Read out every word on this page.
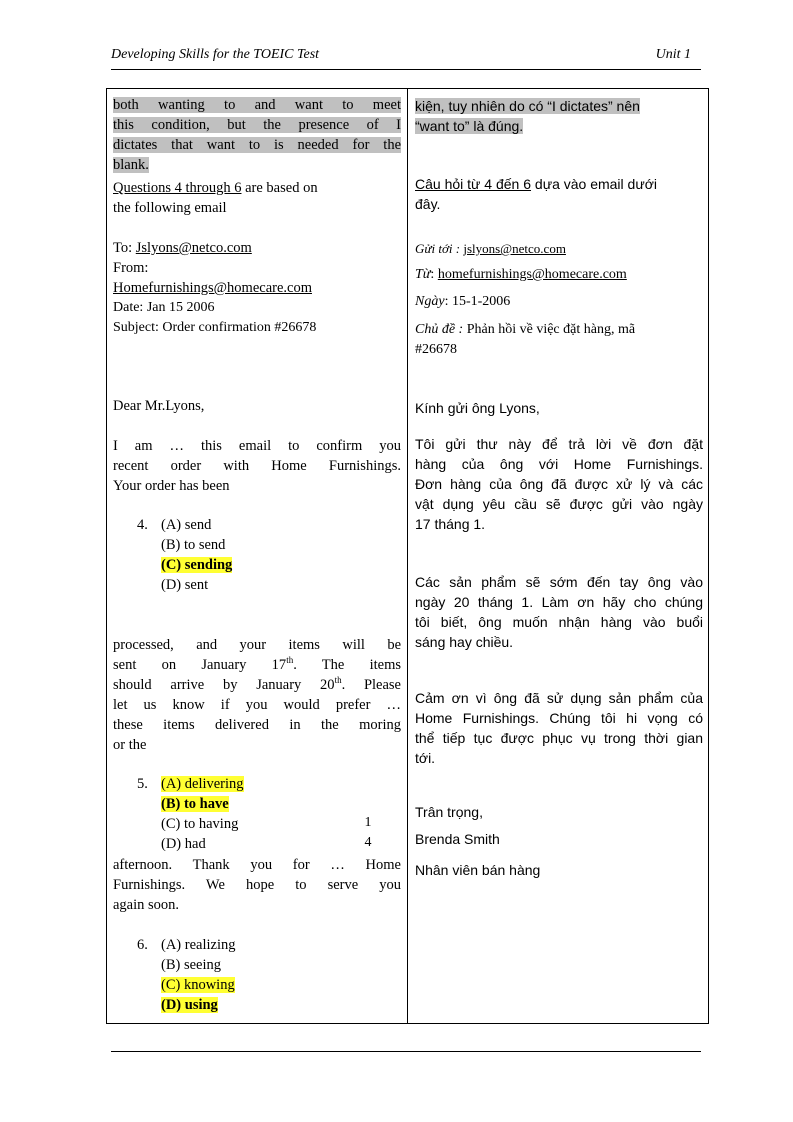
Developing Skills for the TOEIC Test	Unit 1
both wanting to and want to meet
this condition, but the presence of I
dictates that want to is needed for the
blank.
Questions 4 through 6 are based on
the following email
To: Jslyons@netco.com
From:
Homefurnishings@homecare.com
Date: Jan 15 2006
Subject: Order confirmation #26678
Dear Mr.Lyons,
I am … this email to confirm you
recent order with Home Furnishings.
Your order has been
4. (A) send
(B) to send
(C) sending
(D) sent
processed, and your items will be
sent on January 17th. The items
should arrive by January 20th. Please
let us know if you would prefer …
these items delivered in the moring
or the
5. (A) delivering
(B) to have
(C) to having
(D) had
afternoon. Thank you for … Home
Furnishings. We hope to serve you
again soon.
6. (A) realizing
(B) seeing
(C) knowing
(D) using
kiện, tuy nhiên do có “I dictates” nên
“want to” là đúng.
Câu hỏi từ 4 đến 6 dựa vào email dưới
đây.
Gửi tới : jslyons@netco.com
Từ: homefurnishings@homecare.com
Ngày: 15-1-2006
Chủ đề : Phản hồi về việc đặt hàng, mã
#26678
Kính gửi ông Lyons,
Tôi gửi thư này để trả lời về đơn đặt
hàng của ông với Home Furnishings.
Đơn hàng của ông đã được xử lý và các
vật dụng yêu cầu sẽ được gửi vào ngày
17 tháng 1.
Các sản phẩm sẽ sớm đến tay ông vào
ngày 20 tháng 1. Làm ơn hãy cho chúng
tôi biết, ông muốn nhận hàng vào buổi
sáng hay chiều.
Cảm ơn vì ông đã sử dụng sản phẩm của
Home Furnishings. Chúng tôi hi vọng có
thể tiếp tục được phục vụ trong thời gian
tới.
Trân trọng,
Brenda Smith
Nhân viên bán hàng
1
4
